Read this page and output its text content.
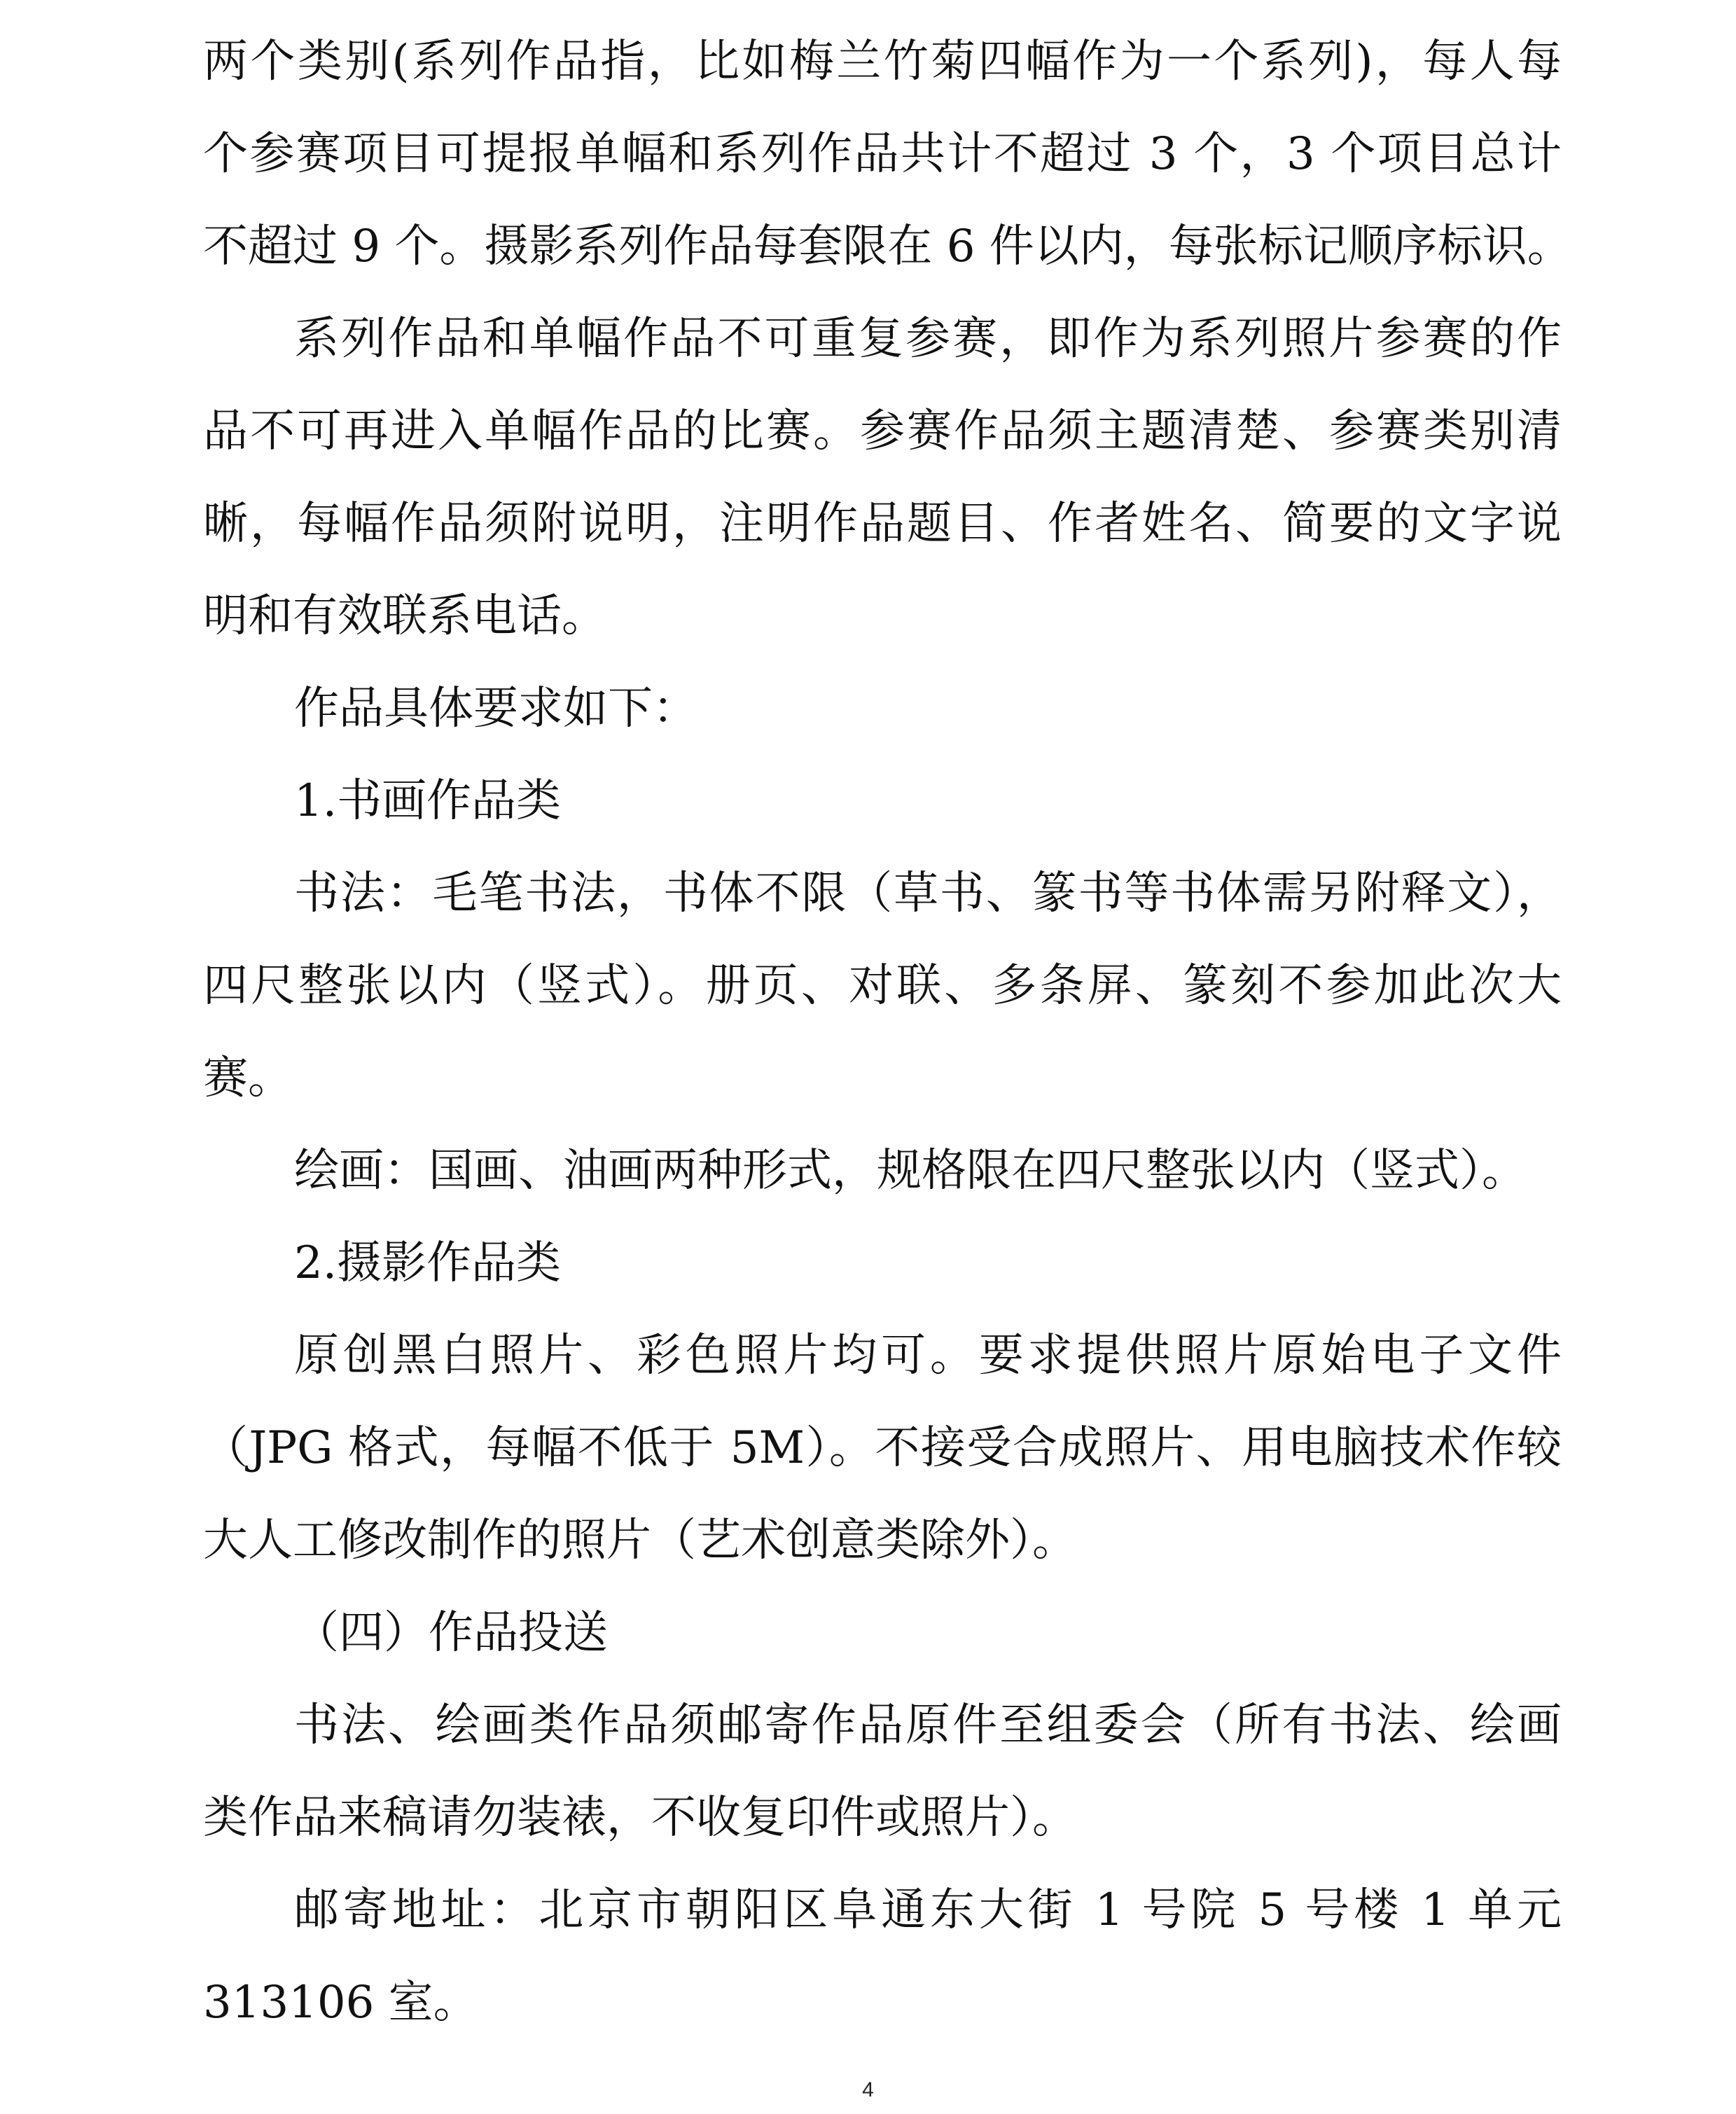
两个类别(系列作品指，比如梅兰竹菊四幅作为一个系列)，每人每
个参赛项目可提报单幅和系列作品共计不超过 3 个，3 个项目总计
不超过 9 个。摄影系列作品每套限在 6 件以内，每张标记顺序标识。
系列作品和单幅作品不可重复参赛，即作为系列照片参赛的作
品不可再进入单幅作品的比赛。参赛作品须主题清楚、参赛类别清
晰，每幅作品须附说明，注明作品题目、作者姓名、简要的文字说
明和有效联系电话。
作品具体要求如下：
1.书画作品类
书法：毛笔书法，书体不限（草书、篆书等书体需另附释文），
四尺整张以内（竖式）。册页、对联、多条屏、篆刻不参加此次大
赛。
绘画：国画、油画两种形式，规格限在四尺整张以内（竖式）。
2.摄影作品类
原创黑白照片、彩色照片均可。要求提供照片原始电子文件
（JPG 格式，每幅不低于 5M）。不接受合成照片、用电脑技术作较
大人工修改制作的照片（艺术创意类除外）。
（四）作品投送
书法、绘画类作品须邮寄作品原件至组委会（所有书法、绘画
类作品来稿请勿装裱，不收复印件或照片）。
邮寄地址：北京市朝阳区阜通东大街 1 号院 5 号楼 1 单元
313106 室。
4
